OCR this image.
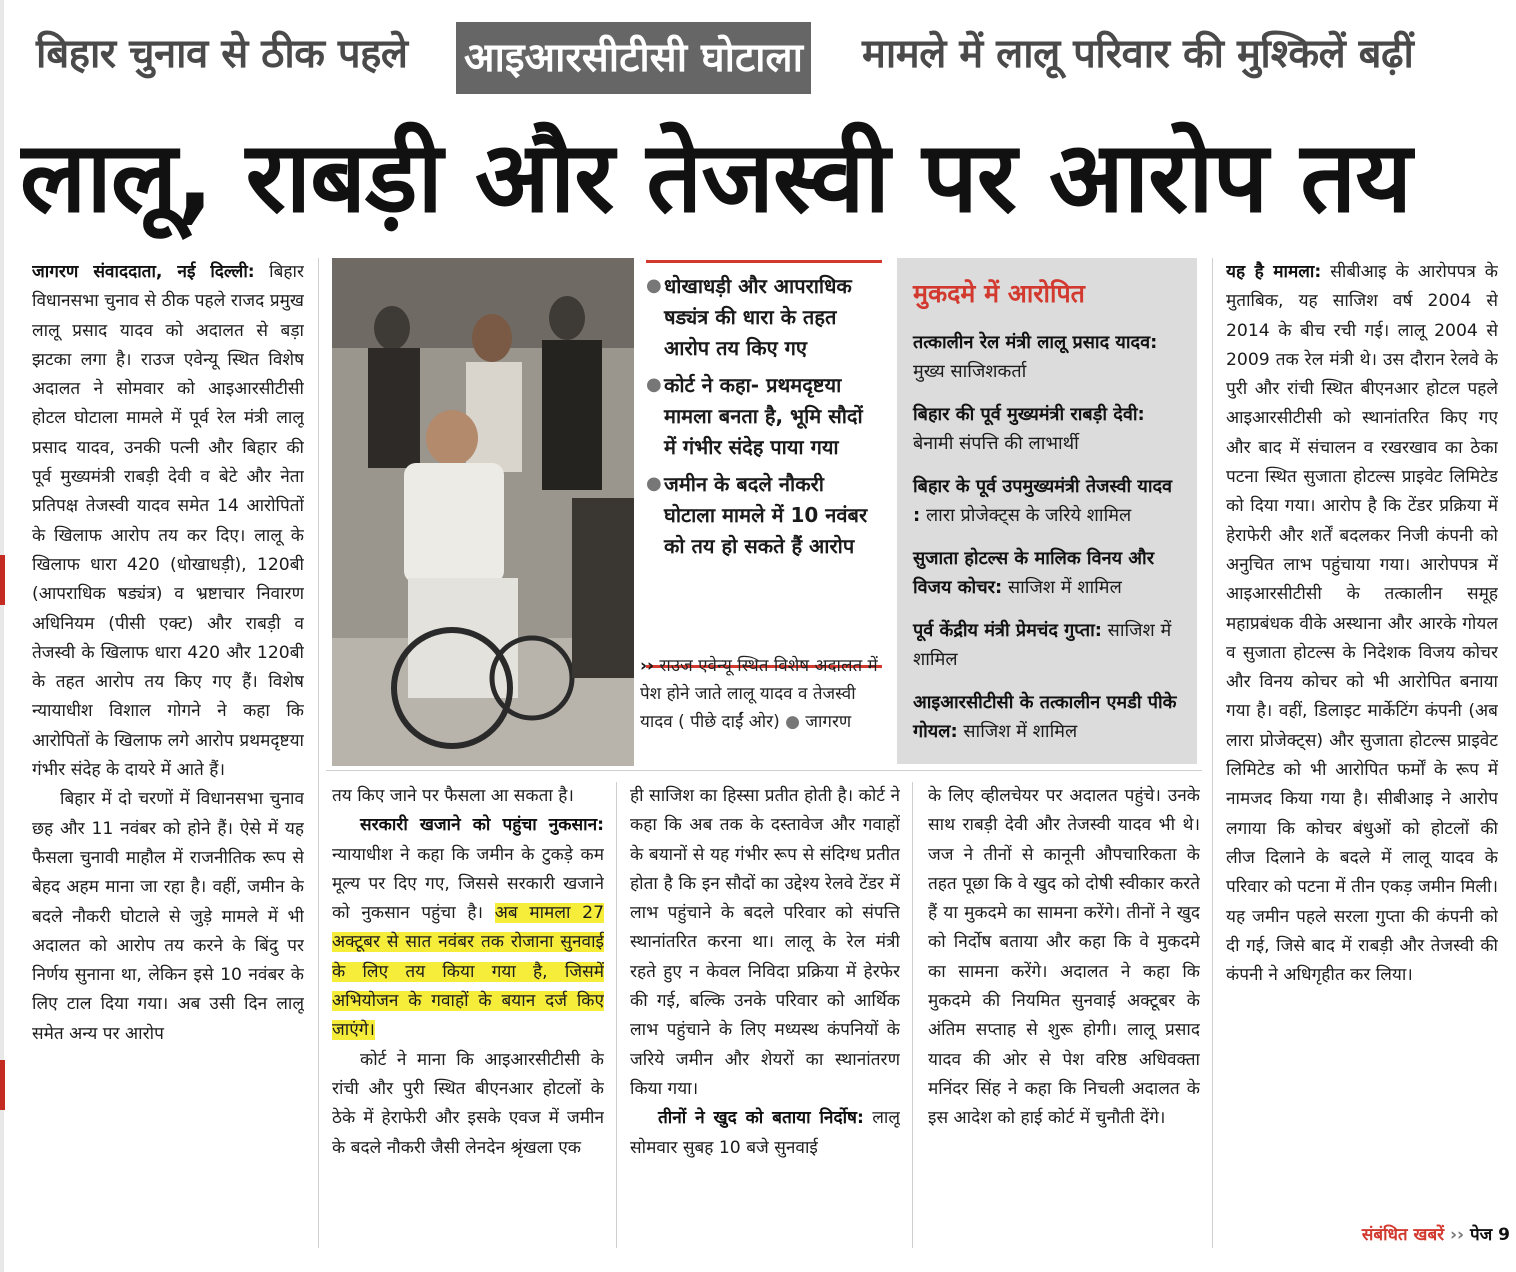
बिहार चुनाव से ठीक पहले आइआरसीटीसी घोटाला मामले में लालू परिवार की मुश्किलें बढ़ीं
लालू, राबड़ी और तेजस्वी पर आरोप तय

जागरण संवाददाता, नई दिल्ली: बिहार विधानसभा चुनाव से ठीक पहले राजद प्रमुख लालू प्रसाद यादव को अदालत से बड़ा झटका लगा है। राउज एवेन्यू स्थित विशेष अदालत ने सोमवार को आइआरसीटीसी होटल घोटाला मामले में पूर्व रेल मंत्री लालू प्रसाद यादव, उनकी पत्नी और बिहार की पूर्व मुख्यमंत्री राबड़ी देवी व बेटे और नेता प्रतिपक्ष तेजस्वी यादव समेत 14 आरोपितों के खिलाफ आरोप तय कर दिए। लालू के खिलाफ धारा 420 (धोखाधड़ी), 120बी (आपराधिक षड्यंत्र) व भ्रष्टाचार निवारण अधिनियम (पीसी एक्ट) और राबड़ी व तेजस्वी के खिलाफ धारा 420 और 120बी के तहत आरोप तय किए गए हैं। विशेष न्यायाधीश विशाल गोगने ने कहा कि आरोपितों के खिलाफ लगे आरोप प्रथमदृष्टया गंभीर संदेह के दायरे में आते हैं।

बिहार में दो चरणों में विधानसभा चुनाव छह और 11 नवंबर को होने हैं। ऐसे में यह फैसला चुनावी माहौल में राजनीतिक रूप से बेहद अहम माना जा रहा है। वहीं, जमीन के बदले नौकरी घोटाले से जुड़े मामले में भी अदालत को आरोप तय करने के बिंदु पर निर्णय सुनाना था, लेकिन इसे 10 नवंबर के लिए टाल दिया गया। अब उसी दिन लालू समेत अन्य पर आरोप

● धोखाधड़ी और आपराधिक षड्यंत्र की धारा के तहत आरोप तय किए गए
● कोर्ट ने कहा- प्रथमदृष्टया मामला बनता है, भूमि सौदों में गंभीर संदेह पाया गया
● जमीन के बदले नौकरी घोटाला मामले में 10 नवंबर को तय हो सकते हैं आरोप
›› राउज एवेन्यू स्थित विशेष अदालत में पेश होने जाते लालू यादव व तेजस्वी यादव ( पीछे दाईं ओर) ● जागरण
मुकदमे में आरोपित
तत्कालीन रेल मंत्री लालू प्रसाद यादव: मुख्य साजिशकर्ता
बिहार की पूर्व मुख्यमंत्री राबड़ी देवी: बेनामी संपत्ति की लाभार्थी
बिहार के पूर्व उपमुख्यमंत्री तेजस्वी यादव : लारा प्रोजेक्ट्स के जरिये शामिल
सुजाता होटल्स के मालिक विनय और विजय कोचर: साजिश में शामिल
पूर्व केंद्रीय मंत्री प्रेमचंद गुप्ता: साजिश में शामिल
आइआरसीटीसी के तत्कालीन एमडी पीके गोयल: साजिश में शामिल

तय किए जाने पर फैसला आ सकता है।

सरकारी खजाने को पहुंचा नुकसान: न्यायाधीश ने कहा कि जमीन के टुकड़े कम मूल्य पर दिए गए, जिससे सरकारी खजाने को नुकसान पहुंचा है। अब मामला 27 अक्टूबर से सात नवंबर तक रोजाना सुनवाई के लिए तय किया गया है, जिसमें अभियोजन के गवाहों के बयान दर्ज किए जाएंगे।

कोर्ट ने माना कि आइआरसीटीसी के रांची और पुरी स्थित बीएनआर होटलों के ठेके में हेराफेरी और इसके एवज में जमीन के बदले नौकरी जैसी लेनदेन श्रृंखला एक

ही साजिश का हिस्सा प्रतीत होती है। कोर्ट ने कहा कि अब तक के दस्तावेज और गवाहों के बयानों से यह गंभीर रूप से संदिग्ध प्रतीत होता है कि इन सौदों का उद्देश्य रेलवे टेंडर में लाभ पहुंचाने के बदले परिवार को संपत्ति स्थानांतरित करना था। लालू के रेल मंत्री रहते हुए न केवल निविदा प्रक्रिया में हेरफेर की गई, बल्कि उनके परिवार को आर्थिक लाभ पहुंचाने के लिए मध्यस्थ कंपनियों के जरिये जमीन और शेयरों का स्थानांतरण किया गया।

तीनों ने खुद को बताया निर्दोष: लालू सोमवार सुबह 10 बजे सुनवाई

के लिए व्हीलचेयर पर अदालत पहुंचे। उनके साथ राबड़ी देवी और तेजस्वी यादव भी थे। जज ने तीनों से कानूनी औपचारिकता के तहत पूछा कि वे खुद को दोषी स्वीकार करते हैं या मुकदमे का सामना करेंगे। तीनों ने खुद को निर्दोष बताया और कहा कि वे मुकदमे का सामना करेंगे। अदालत ने कहा कि मुकदमे की नियमित सुनवाई अक्टूबर के अंतिम सप्ताह से शुरू होगी। लालू प्रसाद यादव की ओर से पेश वरिष्ठ अधिवक्ता मनिंदर सिंह ने कहा कि निचली अदालत के इस आदेश को हाई कोर्ट में चुनौती देंगे।

यह है मामला: सीबीआइ के आरोपपत्र के मुताबिक, यह साजिश वर्ष 2004 से 2014 के बीच रची गई। लालू 2004 से 2009 तक रेल मंत्री थे। उस दौरान रेलवे के पुरी और रांची स्थित बीएनआर होटल पहले आइआरसीटीसी को स्थानांतरित किए गए और बाद में संचालन व रखरखाव का ठेका पटना स्थित सुजाता होटल्स प्राइवेट लिमिटेड को दिया गया। आरोप है कि टेंडर प्रक्रिया में हेराफेरी और शर्तें बदलकर निजी कंपनी को अनुचित लाभ पहुंचाया गया। आरोपपत्र में आइआरसीटीसी के तत्कालीन समूह महाप्रबंधक वीके अस्थाना और आरके गोयल व सुजाता होटल्स के निदेशक विजय कोचर और विनय कोचर को भी आरोपित बनाया गया है। वहीं, डिलाइट मार्केटिंग कंपनी (अब लारा प्रोजेक्ट्स) और सुजाता होटल्स प्राइवेट लिमिटेड को भी आरोपित फर्मों के रूप में नामजद किया गया है। सीबीआइ ने आरोप लगाया कि कोचर बंधुओं को होटलों की लीज दिलाने के बदले में लालू यादव के परिवार को पटना में तीन एकड़ जमीन मिली। यह जमीन पहले सरला गुप्ता की कंपनी को दी गई, जिसे बाद में राबड़ी और तेजस्वी की कंपनी ने अधिगृहीत कर लिया।

संबंधित खबरें ›› पेज 9
